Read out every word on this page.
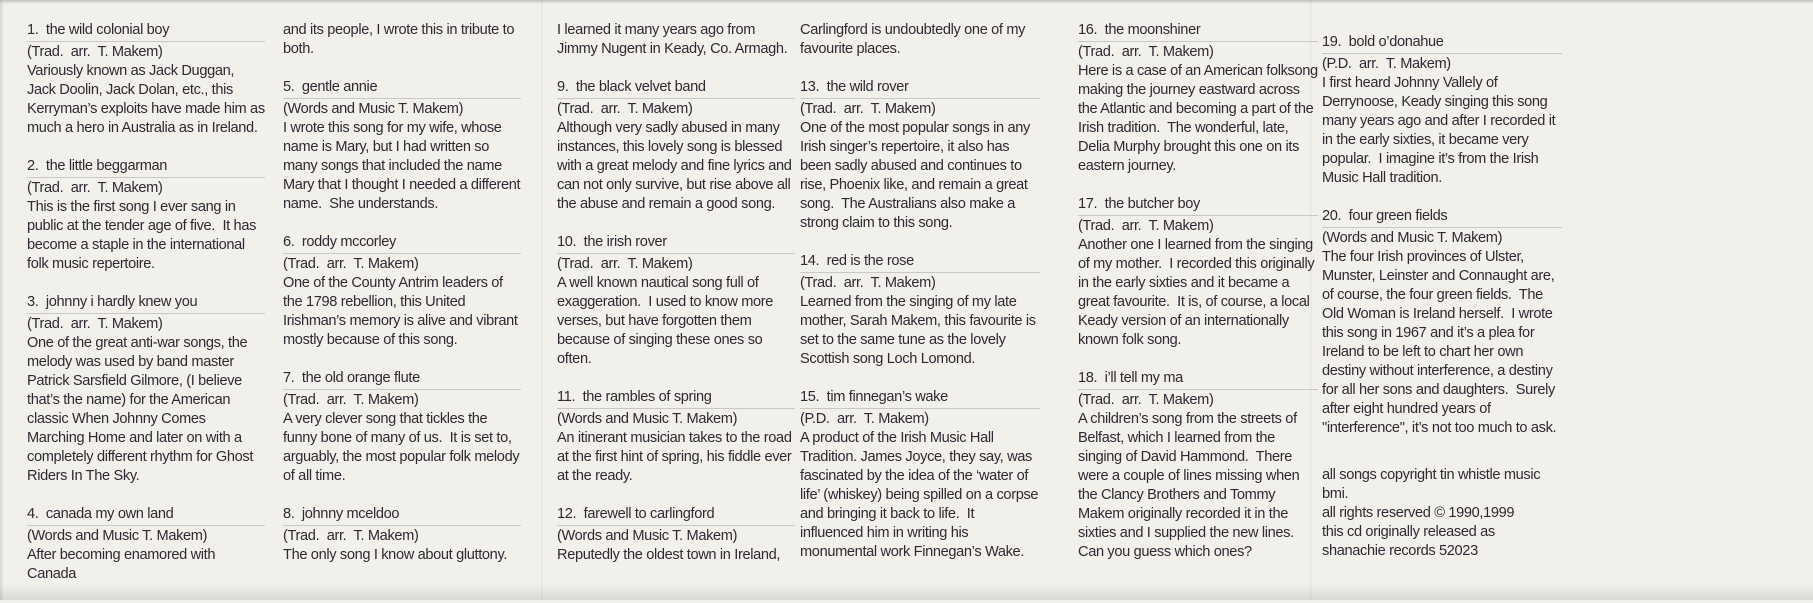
1.  the wild colonial boy
(Trad.  arr.  T. Makem)
Variously known as Jack Duggan, Jack Doolin, Jack Dolan, etc., this Kerryman’s exploits have made him as much a hero in Australia as in Ireland.
2.  the little beggarman
(Trad.  arr.  T. Makem)
This is the first song I ever sang in public at the tender age of five.  It has become a staple in the international folk music repertoire.
3.  johnny i hardly knew you
(Trad.  arr.  T. Makem)
One of the great anti-war songs, the melody was used by band master Patrick Sarsfield Gilmore, (I believe that’s the name) for the American classic When Johnny Comes Marching Home and later on with a completely different rhythm for Ghost Riders In The Sky.
4.  canada my own land
(Words and Music T. Makem)
After becoming enamored with Canada
and its people, I wrote this in tribute to both.
5.  gentle annie
(Words and Music T. Makem)
I wrote this song for my wife, whose name is Mary, but I had written so many songs that included the name Mary that I thought I needed a different name.  She understands.
6.  roddy mccorley
(Trad.  arr.  T. Makem)
One of the County Antrim leaders of the 1798 rebellion, this United Irishman’s memory is alive and vibrant mostly because of this song.
7.  the old orange flute
(Trad.  arr.  T. Makem)
A very clever song that tickles the funny bone of many of us.  It is set to, arguably, the most popular folk melody of all time.
8.  johnny mceldoo
(Trad.  arr.  T. Makem)
The only song I know about gluttony.
I learned it many years ago from Jimmy Nugent in Keady, Co. Armagh.
9.  the black velvet band
(Trad.  arr.  T. Makem)
Although very sadly abused in many instances, this lovely song is blessed with a great melody and fine lyrics and can not only survive, but rise above all the abuse and remain a good song.
10.  the irish rover
(Trad.  arr.  T. Makem)
A well known nautical song full of exaggeration.  I used to know more verses, but have forgotten them because of singing these ones so often.
11.  the rambles of spring
(Words and Music T. Makem)
An itinerant musician takes to the road at the first hint of spring, his fiddle ever at the ready.
12.  farewell to carlingford
(Words and Music T. Makem)
Reputedly the oldest town in Ireland,
Carlingford is undoubtedly one of my favourite places.
13.  the wild rover
(Trad.  arr.  T. Makem)
One of the most popular songs in any Irish singer’s repertoire, it also has been sadly abused and continues to rise, Phoenix like, and remain a great song.  The Australians also make a strong claim to this song.
14.  red is the rose
(Trad.  arr.  T. Makem)
Learned from the singing of my late mother, Sarah Makem, this favourite is set to the same tune as the lovely Scottish song Loch Lomond.
15.  tim finnegan’s wake
(P.D.  arr.  T. Makem)
A product of the Irish Music Hall Tradition. James Joyce, they say, was fascinated by the idea of the ‘water of life’ (whiskey) being spilled on a corpse and bringing it back to life.  It influenced him in writing his monumental work Finnegan’s Wake.
16.  the moonshiner
(Trad.  arr.  T. Makem)
Here is a case of an American folksong making the journey eastward across the Atlantic and becoming a part of the Irish tradition.  The wonderful, late, Delia Murphy brought this one on its eastern journey.
17.  the butcher boy
(Trad.  arr.  T. Makem)
Another one I learned from the singing of my mother.  I recorded this originally in the early sixties and it became a great favourite.  It is, of course, a local Keady version of an internationally known folk song.
18.  i’ll tell my ma
(Trad.  arr.  T. Makem)
A children’s song from the streets of Belfast, which I learned from the singing of David Hammond.  There were a couple of lines missing when the Clancy Brothers and Tommy Makem originally recorded it in the sixties and I supplied the new lines. Can you guess which ones?
19.  bold o’donahue
(P.D.  arr.  T. Makem)
I first heard Johnny Vallely of Derrynoose, Keady singing this song many years ago and after I recorded it in the early sixties, it became very popular.  I imagine it’s from the Irish Music Hall tradition.
20.  four green fields
(Words and Music T. Makem)
The four Irish provinces of Ulster, Munster, Leinster and Connaught are, of course, the four green fields.  The Old Woman is Ireland herself.  I wrote this song in 1967 and it’s a plea for Ireland to be left to chart her own destiny without interference, a destiny for all her sons and daughters.  Surely after eight hundred years of "interference", it’s not too much to ask.
all songs copyright tin whistle music  bmi.
all rights reserved © 1990,1999
this cd originally released as
shanachie records 52023
